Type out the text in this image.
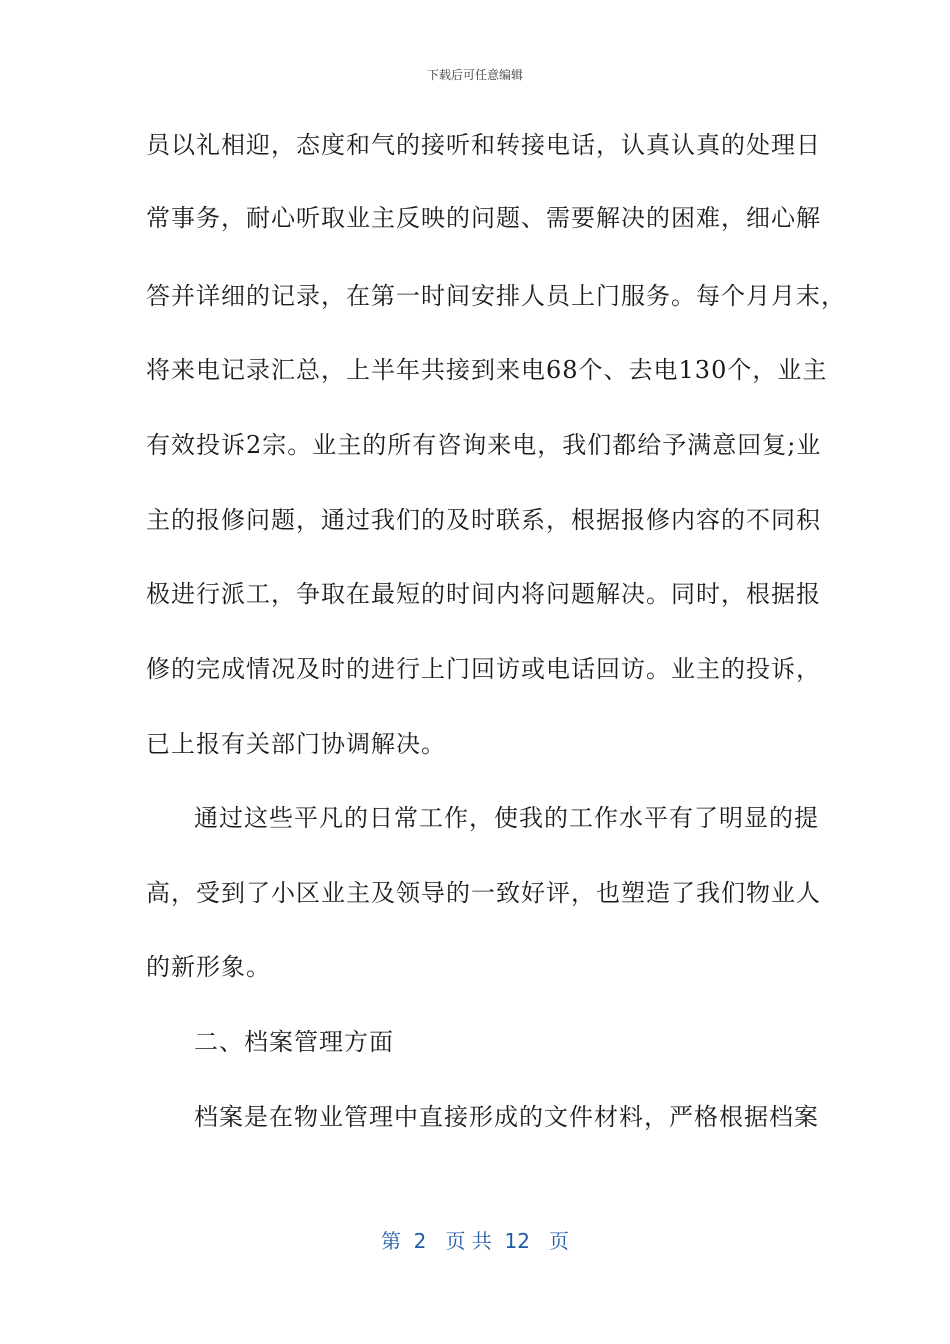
下载后可任意编辑
员以礼相迎，态度和气的接听和转接电话，认真认真的处理日
常事务，耐心听取业主反映的问题、需要解决的困难，细心解
答并详细的记录，在第一时间安排人员上门服务。每个月月末，
将来电记录汇总，上半年共接到来电68个、去电130个，业主
有效投诉2宗。业主的所有咨询来电，我们都给予满意回复;业
主的报修问题，通过我们的及时联系，根据报修内容的不同积
极进行派工，争取在最短的时间内将问题解决。同时，根据报
修的完成情况及时的进行上门回访或电话回访。业主的投诉，
已上报有关部门协调解决。
通过这些平凡的日常工作，使我的工作水平有了明显的提
高，受到了小区业主及领导的一致好评，也塑造了我们物业人
的新形象。
二、档案管理方面
档案是在物业管理中直接形成的文件材料，严格根据档案
第  2   页 共  12   页
